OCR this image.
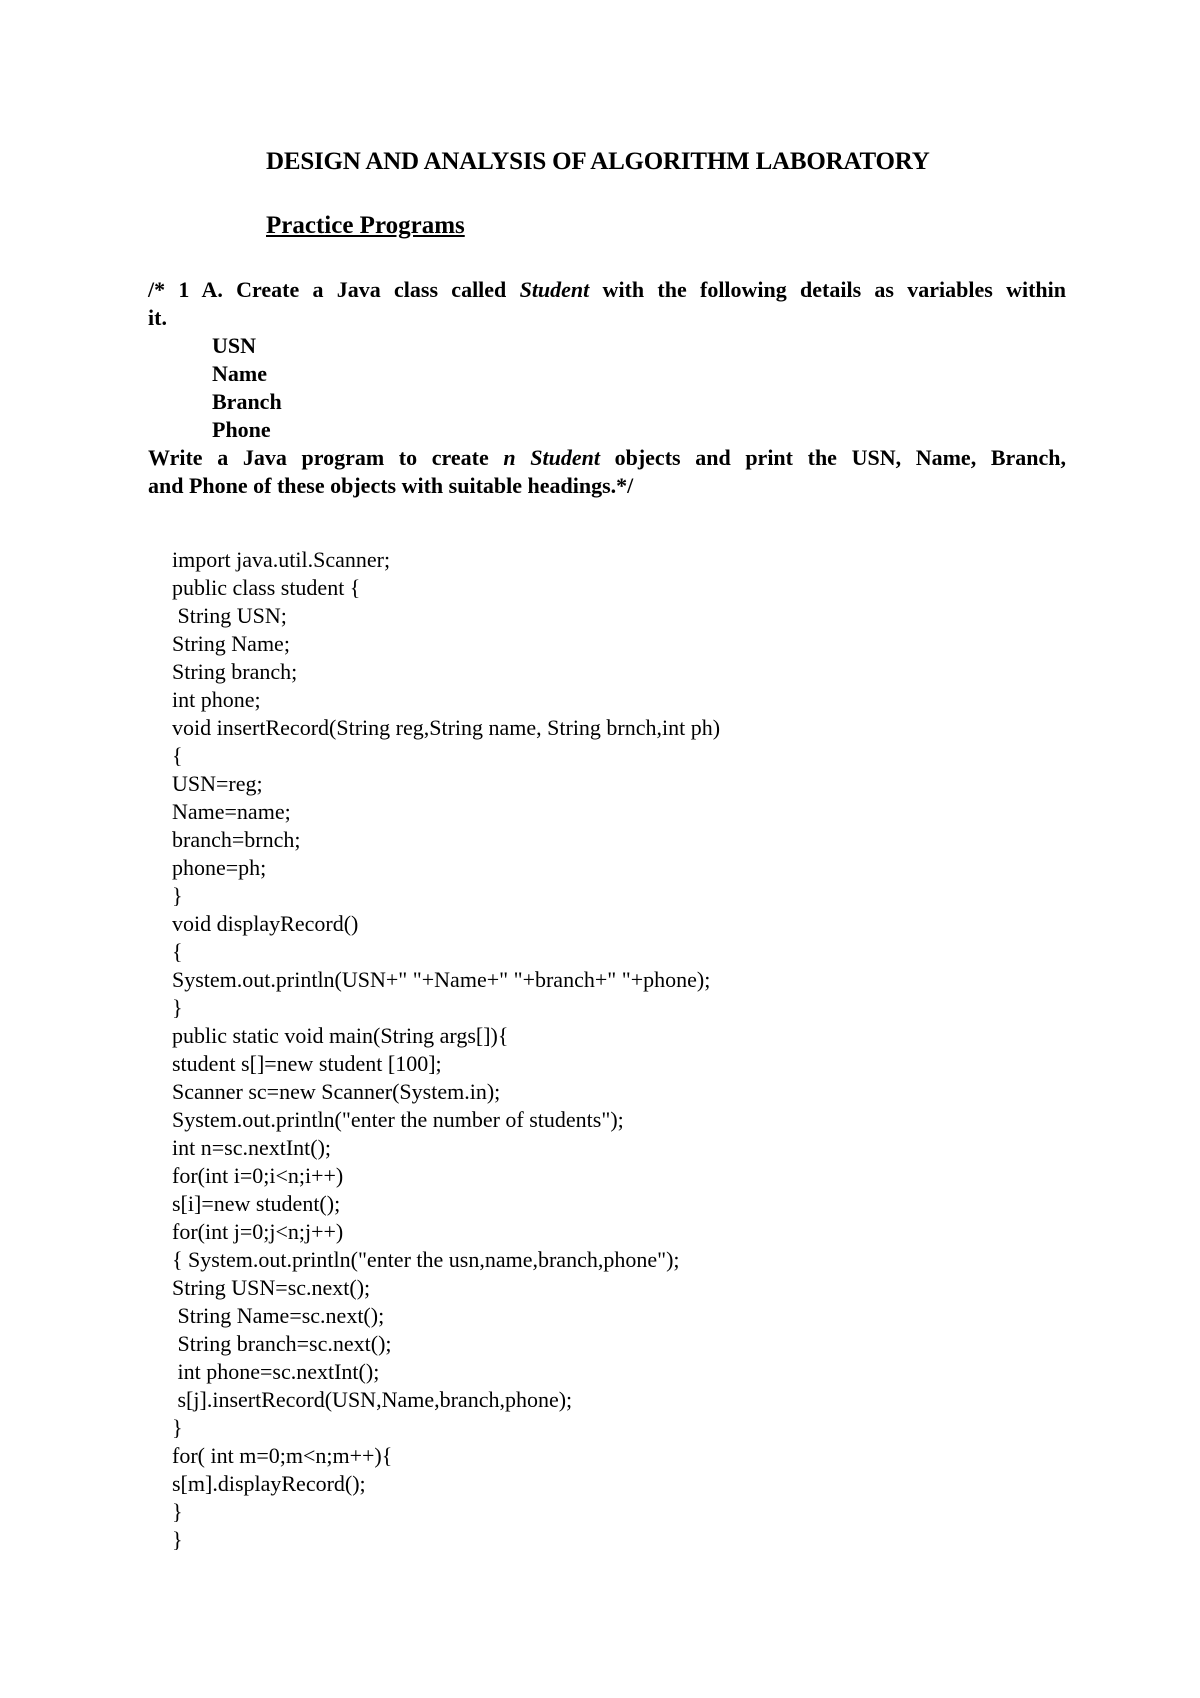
DESIGN AND ANALYSIS OF ALGORITHM LABORATORY
Practice Programs

/* 1 A. Create a Java class called Student with the following details as variables within

it.

USN
Name
Branch
Phone

Write a Java program to create n Student objects and print the USN, Name, Branch,

and Phone of these objects with suitable headings.*/

import java.util.Scanner;
public class student {
String USN;
String Name;
String branch;
int phone;
void insertRecord(String reg,String name, String brnch,int ph)
{
USN=reg;
Name=name;
branch=brnch;
phone=ph;
}
void displayRecord()
{
System.out.println(USN+" "+Name+" "+branch+" "+phone);
}
public static void main(String args[]){
student s[]=new student [100];
Scanner sc=new Scanner(System.in);
System.out.println("enter the number of students");
int n=sc.nextInt();
for(int i=0;i<n;i++)
s[i]=new student();
for(int j=0;j<n;j++)
{ System.out.println("enter the usn,name,branch,phone");
String USN=sc.next();
String Name=sc.next();
String branch=sc.next();
int phone=sc.nextInt();
s[j].insertRecord(USN,Name,branch,phone);
}
for( int m=0;m<n;m++){
s[m].displayRecord();
}
}
